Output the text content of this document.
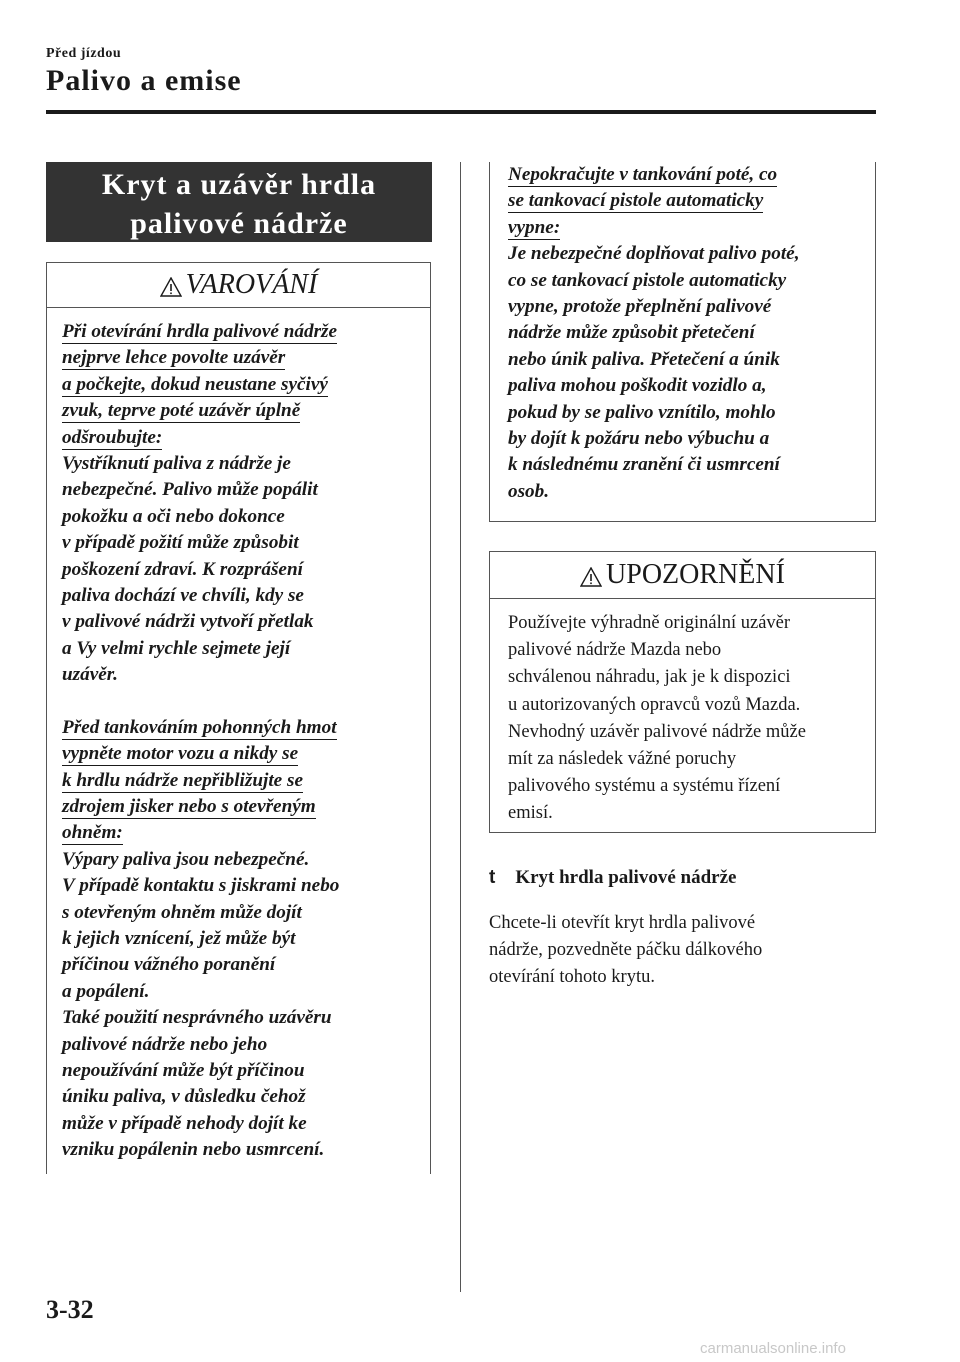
Před jízdou
Palivo a emise
Kryt a uzávěr hrdla
palivové nádrže
VAROVÁNÍ
Při otevírání hrdla palivové nádrže
nejprve lehce povolte uzávěr
a počkejte, dokud neustane syčivý
zvuk, teprve poté uzávěr úplně
odšroubujte:
Vystříknutí paliva z nádrže je
nebezpečné. Palivo může popálit
pokožku a oči nebo dokonce
v případě požití může způsobit
poškození zdraví. K rozprášení
paliva dochází ve chvíli, kdy se
v palivové nádrži vytvoří přetlak
a Vy velmi rychle sejmete její
uzávěr.
Před tankováním pohonných hmot
vypněte motor vozu a nikdy se
k hrdlu nádrže nepřibližujte se
zdrojem jisker nebo s otevřeným
ohněm:
Výpary paliva jsou nebezpečné.
V případě kontaktu s jiskrami nebo
s otevřeným ohněm může dojít
k jejich vznícení, jež může být
příčinou vážného poranění
a popálení.
Také použití nesprávného uzávěru
palivové nádrže nebo jeho
nepoužívání může být příčinou
úniku paliva, v důsledku čehož
může v případě nehody dojít ke
vzniku popálenin nebo usmrcení.
Nepokračujte v tankování poté, co
se tankovací pistole automaticky
vypne:
Je nebezpečné doplňovat palivo poté,
co se tankovací pistole automaticky
vypne, protože přeplnění palivové
nádrže může způsobit přetečení
nebo únik paliva. Přetečení a únik
paliva mohou poškodit vozidlo a,
pokud by se palivo vznítilo, mohlo
by dojít k požáru nebo výbuchu a
k následnému zranění či usmrcení
osob.
UPOZORNĚNÍ
Používejte výhradně originální uzávěr
palivové nádrže Mazda nebo
schválenou náhradu, jak je k dispozici
u autorizovaných opravců vozů Mazda.
Nevhodný uzávěr palivové nádrže může
mít za následek vážné poruchy
palivového systému a systému řízení
emisí.
t Kryt hrdla palivové nádrže
Chcete-li otevřít kryt hrdla palivové
nádrže, pozvedněte páčku dálkového
otevírání tohoto krytu.
3-32
carmanualsonline.info
